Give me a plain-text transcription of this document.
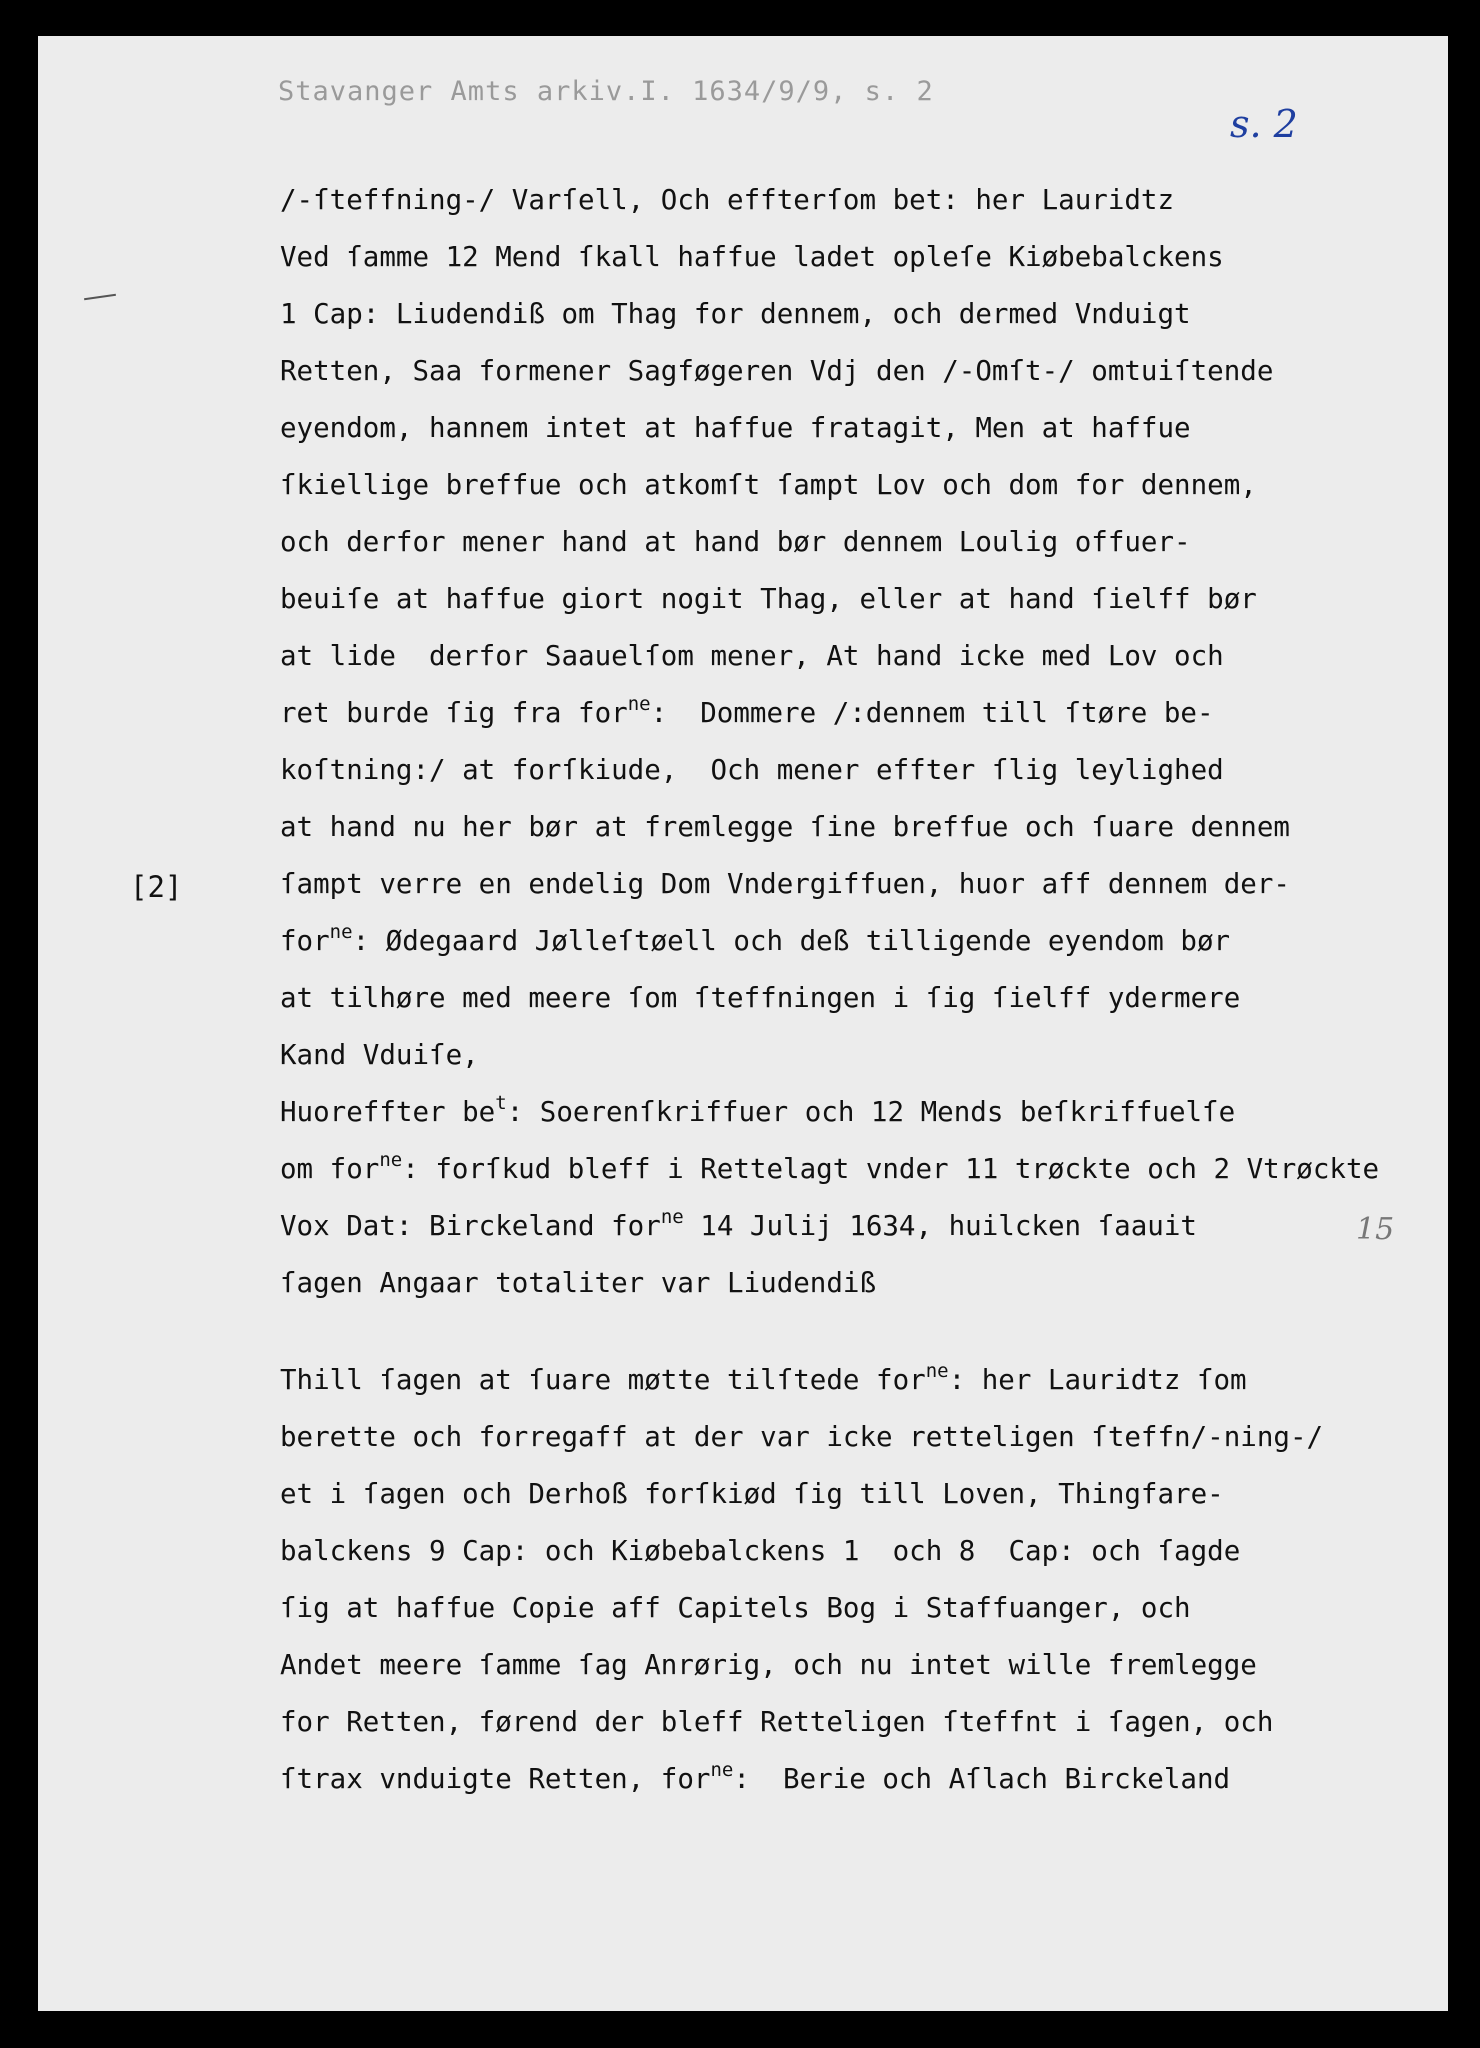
Stavanger Amts arkiv.I. 1634/9/9, s. 2
s. 2
[2]
15
/-ſteffning-/ Varſell, Och effterſom bet: her Lauridtz
Ved ſamme 12 Mend ſkall haffue ladet opleſe Kiøbebalckens
1 Cap: Liudendiß om Thag for dennem, och dermed Vnduigt
Retten, Saa formener Sagføgeren Vdj den /-Omſt-/ omtuiſtende
eyendom, hannem intet at haffue fratagit, Men at haffue
ſkiellige breffue och atkomſt ſampt Lov och dom for dennem,
och derfor mener hand at hand bør dennem Loulig offuer-
beuiſe at haffue giort nogit Thag, eller at hand ſielff bør
at lide  derfor Saauelſom mener, At hand icke med Lov och
ret burde ſig fra for$^{ne}$:  Dommere /:dennem till ſtøre be-
koſtning:/ at forſkiude,  Och mener effter ſlig leylighed
at hand nu her bør at fremlegge ſine breffue och ſuare dennem
ſampt verre en endelig Dom Vndergiffuen, huor aff dennem der-
for$^{ne}$: Ødegaard Jølleſtøell och deß tilligende eyendom bør
at tilhøre med meere ſom ſteffningen i ſig ſielff ydermere
Kand Vduiſe,
Huoreffter $be^t$: Soerenſkriffuer och 12 Mends beſkriffuelſe
om for$^{ne}$: forſkud bleff i Rettelagt vnder 11 trøckte och 2 Vtrøckte
Vox Dat: Birckeland for$^{ne}$ 14 Julij 1634, huilcken ſaauit
ſagen Angaar totaliter var Liudendiß
Thill ſagen at ſuare møtte tilſtede for$^{ne}$: her Lauridtz ſom
berette och forregaff at der var icke retteligen ſteffn/-ning-/
et i ſagen och Derhoß forſkiød ſig till Loven, Thingfare-
balckens 9 Cap: och Kiøbebalckens 1  och 8  Cap: och ſagde
ſig at haffue Copie aff Capitels Bog i Staffuanger, och
Andet meere ſamme ſag Anrørig, och nu intet wille fremlegge
for Retten, førend der bleff Retteligen ſteffnt i ſagen, och
ſtrax vnduigte Retten, for$^{ne}$:  Berie och Aſlach Birckeland
